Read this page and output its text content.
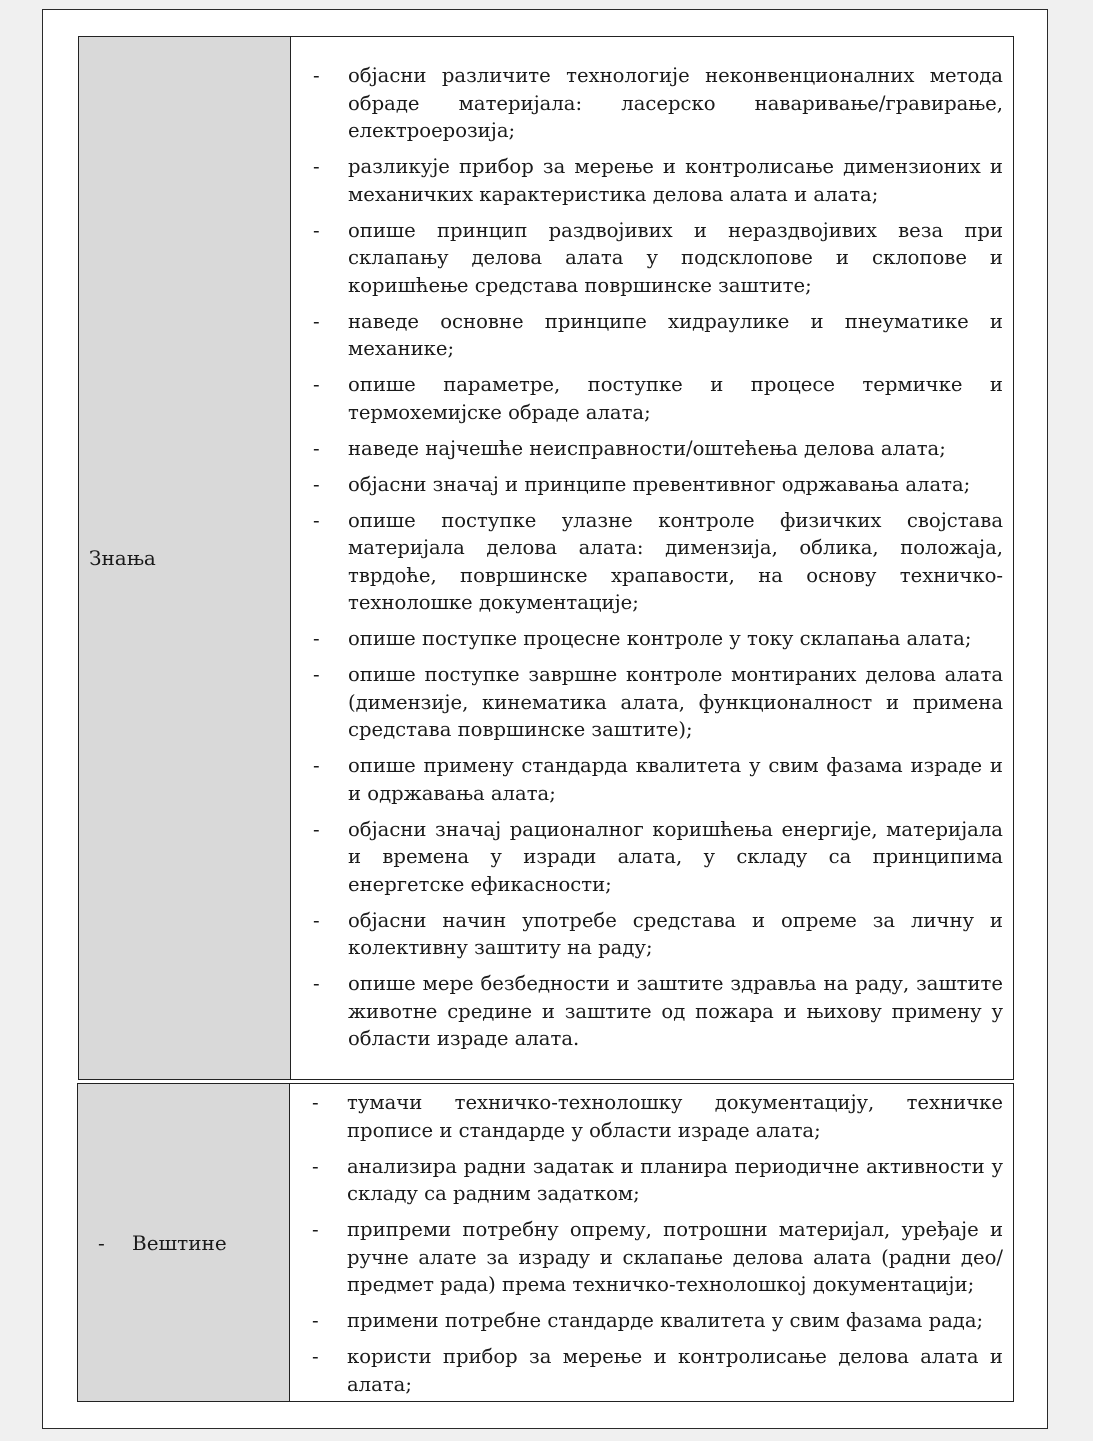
Знања	
- објасни различите технологије неконвенционалних метода обраде материјала: ласерско наваривање/гравирање, електроерозија;
- разликује прибор за мерење и контролисање димензионих и механичких карактеристика делова алата и алата;
- опише принцип раздвојивих и нераздвојивих веза при склапању делова алата у подсклопове и склопове и коришћење средстава површинске заштите;
- наведе основне принципе хидраулике и пнеуматике и механике;
- опише параметре, поступке и процесе термичке и термохемијске обраде алата;
- наведе најчешће неисправности/оштећења делова алата;
- објасни значај и принципе превентивног одржавања алата;
- опише поступке улазне контроле физичких својстава материјала делова алата: димензија, облика, положаја, тврдоће, површинске храпавости, на основу техничко-технолошке документације;
- опише поступке процесне контроле у току склапања алата;
- опише поступке завршне контроле монтираних делова алата (димензије, кинематика алата, функционалност и примена средстава површинске заштите);
- опише примену стандарда квалитета у свим фазама израде и и одржавања алата;
- објасни значај рационалног коришћења енергије, материјала и времена у изради алата, у складу са принципима енергетске ефикасности;
- објасни начин употребе средстава и опреме за личну и колективну заштиту на раду;
- опише мере безбедности и заштите здравља на раду, заштите животне средине и заштите од пожара и њихову примену у области израде алата.
- Вештине	
- тумачи техничко-технолошку документацију, техничке прописе и стандарде у области израде алата;
- анализира радни задатак и планира периодичне активности у складу са радним задатком;
- припреми потребну опрему, потрошни материјал, уређаје и ручне алате за израду и склапање делова алата (радни део/предмет рада) према техничко-технолошкој документацији;
- примени потребне стандарде квалитета у свим фазама рада;
- користи прибор за мерење и контролисање делова алата и алата;
